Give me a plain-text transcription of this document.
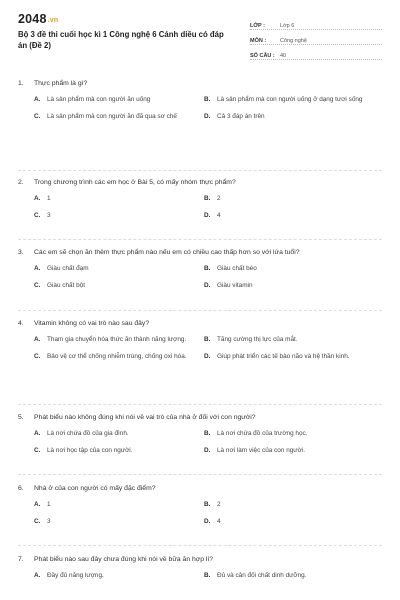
2048.vn
Bộ 3 đề thi cuối học kì 1 Công nghệ 6 Cánh diều có đáp án (Đề 2)
LỚP :	Lớp 6
MÔN :	Công nghệ
SỐ CÂU : 40
1. Thực phẩm là gì?
A.	Là sản phẩm mà con người ăn uống	B.	Là sản phẩm mà con người uống ở dạng tươi sống
C.	Là sản phẩm mà con người ăn đã qua sơ chế	D.	Cả 3 đáp án trên
2. Trong chương trình các em học ở Bài 5, có mấy nhóm thực phẩm?
A.	1	B.	2
C.	3	D.	4
3. Các em sẽ chọn ăn thêm thực phẩm nào nếu em có chiều cao thấp hơn so với lứa tuổi?
A.	Giàu chất đạm	B.	Giàu chất béo
C.	Giàu chất bột	D.	Giàu vitamin
4. Vitamin không có vai trò nào sau đây?
A.	Tham gia chuyển hóa thức ăn thành năng lượng.	B.	Tăng cường thị lực của mắt.
C.	Bảo vệ cơ thể chống nhiễm trùng, chống oxi hóa.	D.	Giúp phát triển các tế bào não và hệ thần kinh.
5. Phát biểu nào không đúng khi nói về vai trò của nhà ở đối với con người?
A.	Là nơi chứa đồ của gia đình.	B.	Là nơi chứa đồ của trường học.
C.	Là nơi học tập của con người.	D.	Là nơi làm việc của con người.
6. Nhà ở của con người có mấy đặc điểm?
A.	1	B.	2
C.	3	D.	4
7. Phát biểu nào sau đây chưa đúng khi nói về bữa ăn hợp lí?
A.	Đầy đủ năng lượng.	B.	Đủ và cân đối chất dinh dưỡng.
